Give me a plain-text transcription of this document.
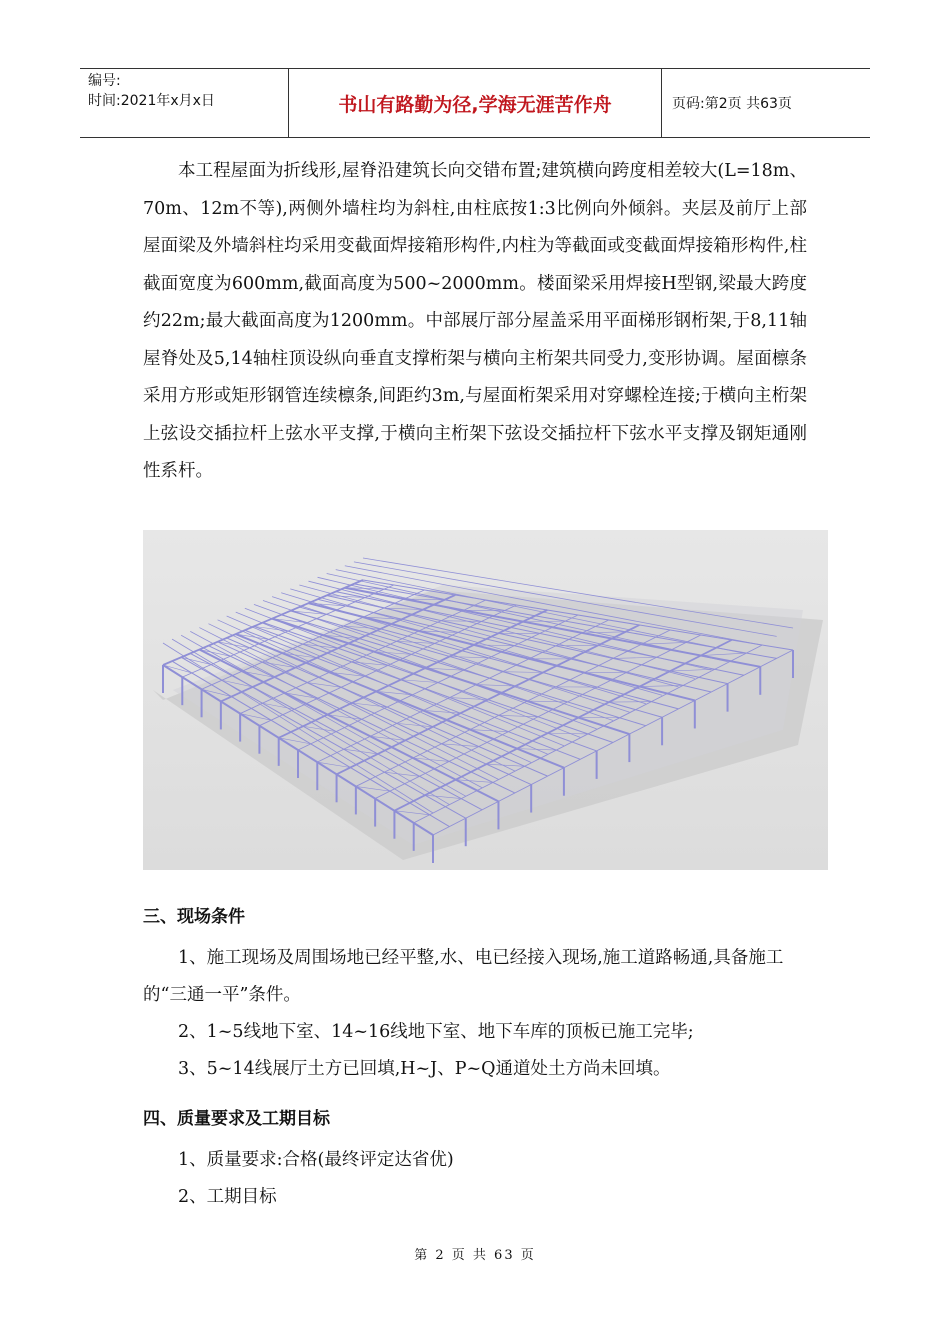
编号:
时间:2021年x月x日	书山有路勤为径,学海无涯苦作舟	页码:第2页 共63页

本工程屋面为折线形,屋脊沿建筑长向交错布置;建筑横向跨度相差较大(L=18m、70m、12m不等),两侧外墙柱均为斜柱,由柱底按1:3比例向外倾斜。夹层及前厅上部屋面梁及外墙斜柱均采用变截面焊接箱形构件,内柱为等截面或变截面焊接箱形构件,柱截面宽度为600mm,截面高度为500~2000mm。楼面梁采用焊接H型钢,梁最大跨度约22m;最大截面高度为1200mm。中部展厅部分屋盖采用平面梯形钢桁架,于8,11轴屋脊处及5,14轴柱顶设纵向垂直支撑桁架与横向主桁架共同受力,变形协调。屋面檩条采用方形或矩形钢管连续檩条,间距约3m,与屋面桁架采用对穿螺栓连接;于横向主桁架上弦设交插拉杆上弦水平支撑,于横向主桁架下弦设交插拉杆下弦水平支撑及钢矩通刚性系杆。

三、现场条件

1、施工现场及周围场地已经平整,水、电已经接入现场,施工道路畅通,具备施工的“三通一平”条件。

2、1~5线地下室、14~16线地下室、地下车库的顶板已施工完毕;

3、5~14线展厅土方已回填,H~J、P~Q通道处土方尚未回填。

四、质量要求及工期目标

1、质量要求:合格(最终评定达省优)

2、工期目标

第 2 页 共 63 页
